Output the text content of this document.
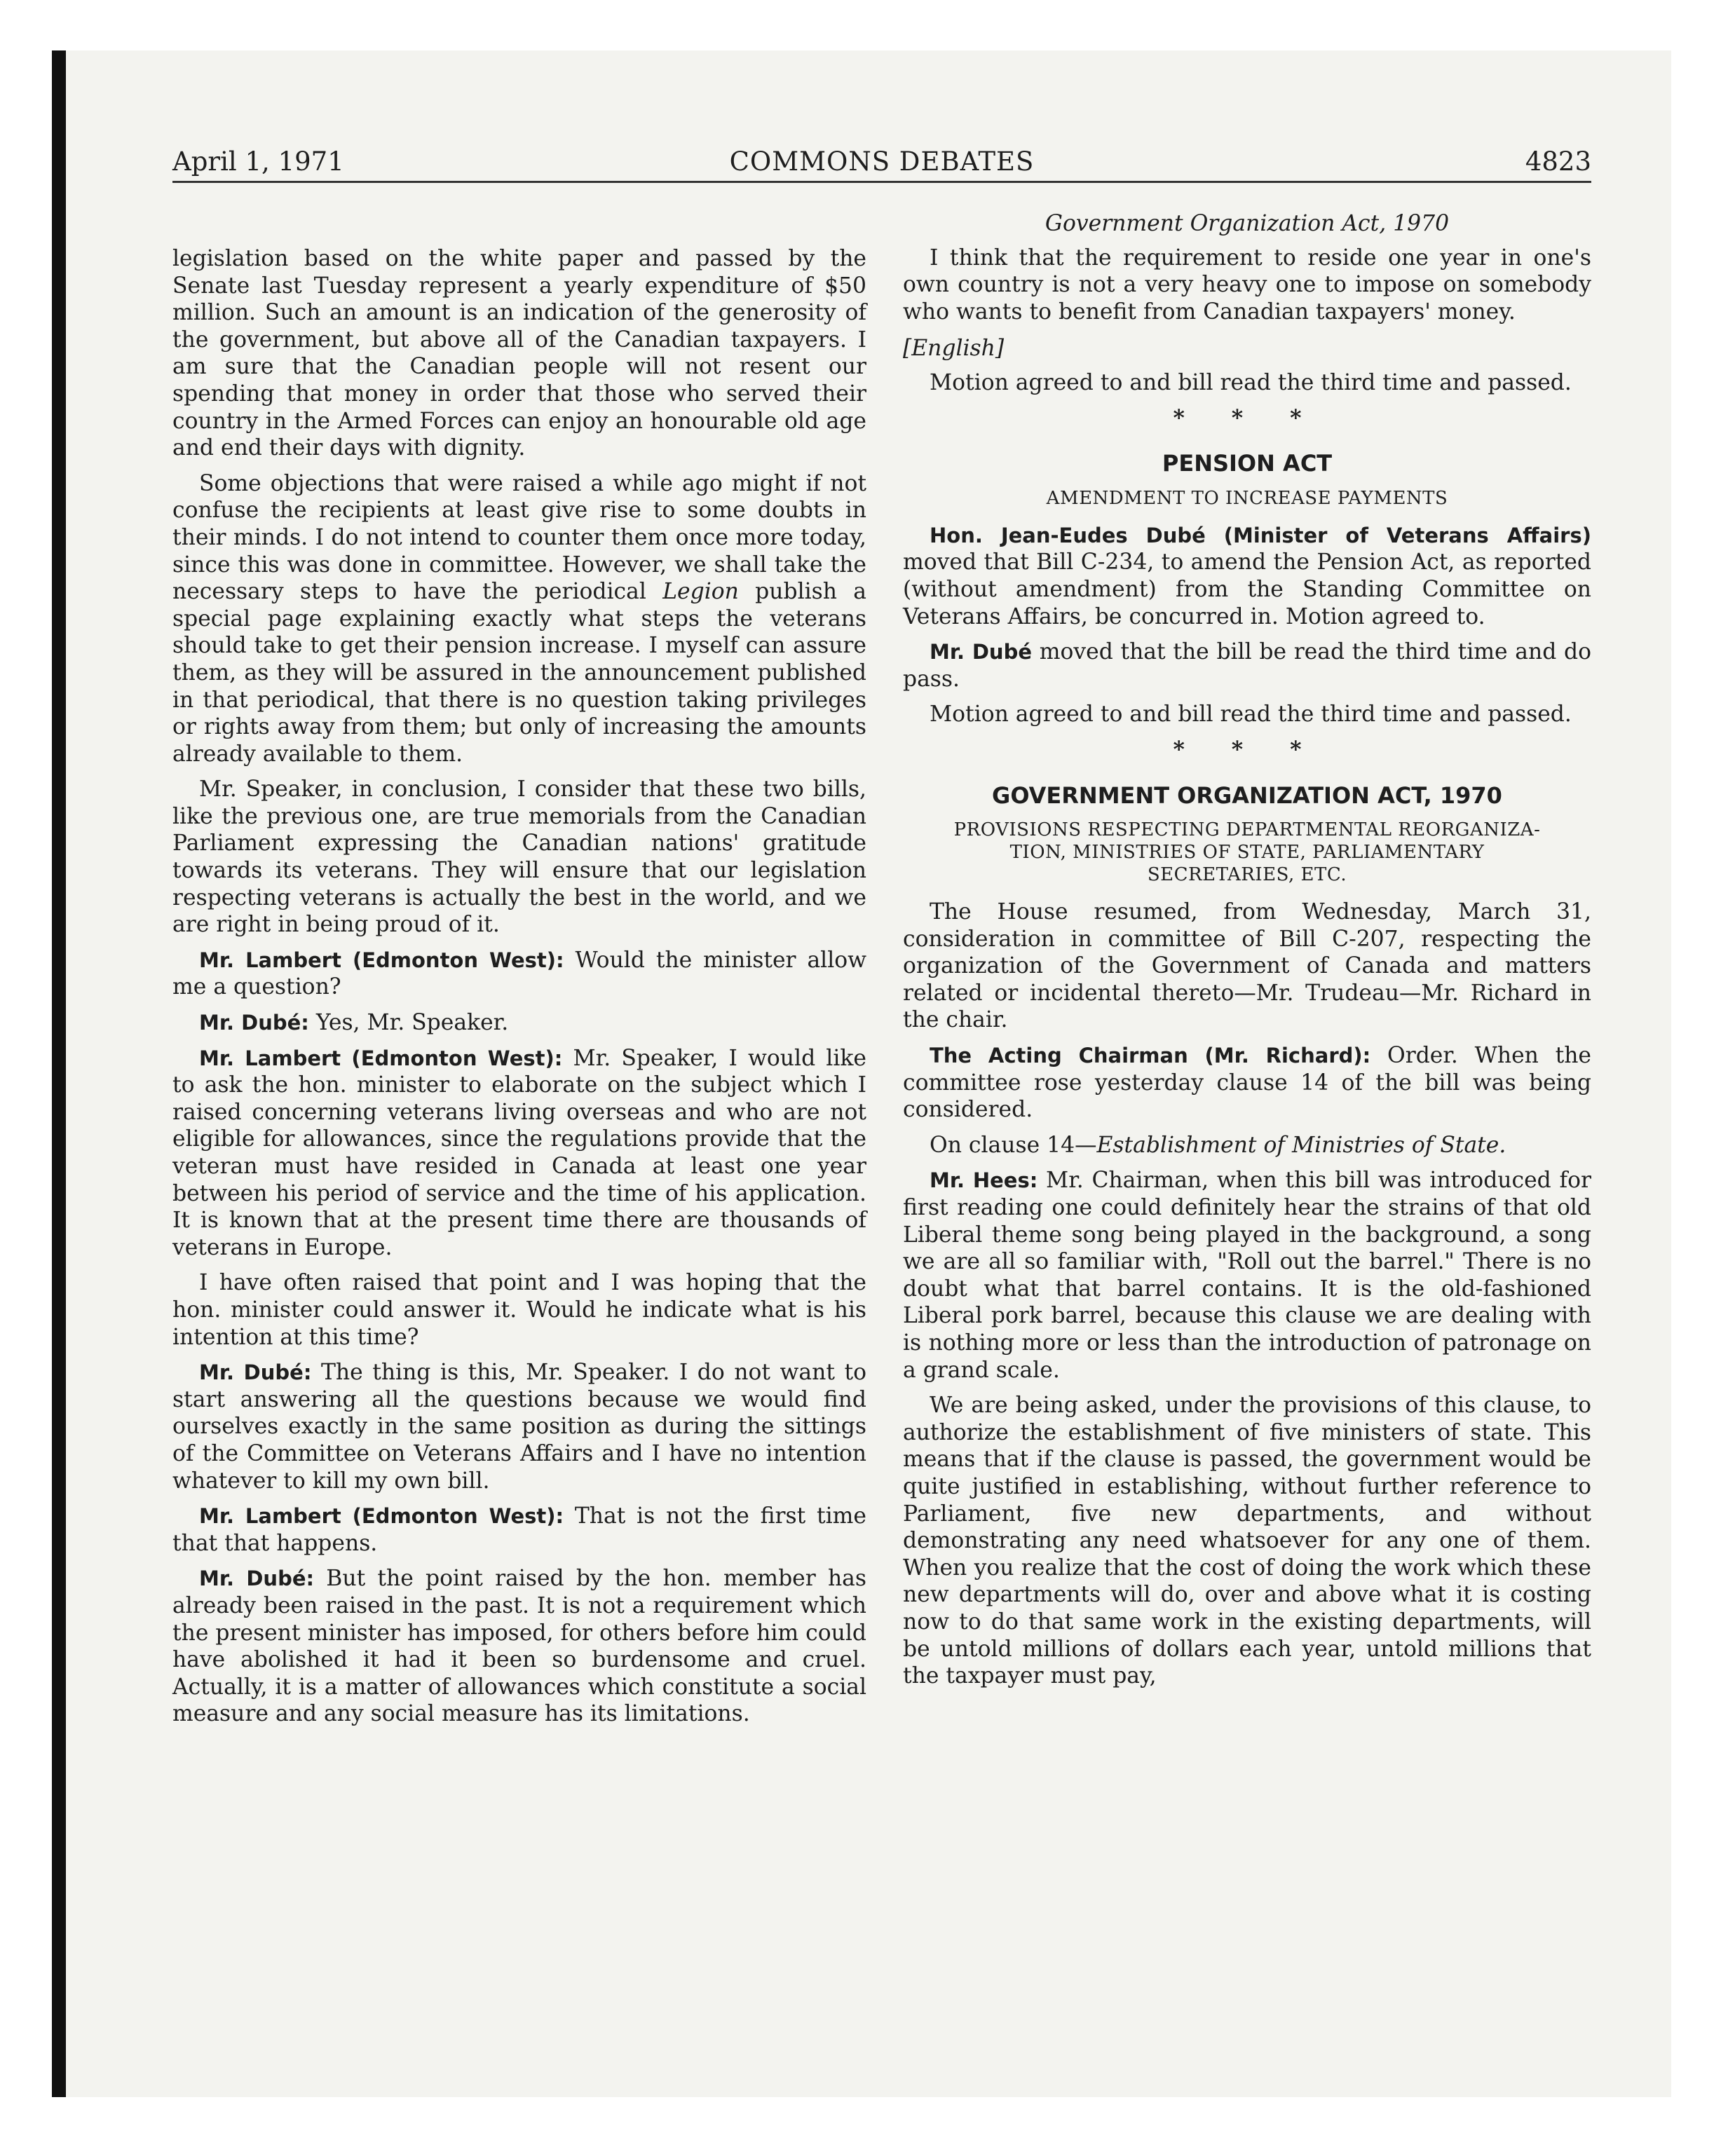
April 1, 1971	COMMONS DEBATES	4823

legislation based on the white paper and passed by the Senate last Tuesday represent a yearly expenditure of $50 million. Such an amount is an indication of the generosity of the government, but above all of the Canadian taxpayers. I am sure that the Canadian people will not resent our spending that money in order that those who served their country in the Armed Forces can enjoy an honourable old age and end their days with dignity.

Some objections that were raised a while ago might if not confuse the recipients at least give rise to some doubts in their minds. I do not intend to counter them once more today, since this was done in committee. However, we shall take the necessary steps to have the periodical Legion publish a special page explaining exactly what steps the veterans should take to get their pension increase. I myself can assure them, as they will be assured in the announcement published in that periodical, that there is no question taking privileges or rights away from them; but only of increasing the amounts already available to them.

Mr. Speaker, in conclusion, I consider that these two bills, like the previous one, are true memorials from the Canadian Parliament expressing the Canadian nations' gratitude towards its veterans. They will ensure that our legislation respecting veterans is actually the best in the world, and we are right in being proud of it.

Mr. Lambert (Edmonton West): Would the minister allow me a question?

Mr. Dubé: Yes, Mr. Speaker.

Mr. Lambert (Edmonton West): Mr. Speaker, I would like to ask the hon. minister to elaborate on the subject which I raised concerning veterans living overseas and who are not eligible for allowances, since the regulations provide that the veteran must have resided in Canada at least one year between his period of service and the time of his application. It is known that at the present time there are thousands of veterans in Europe.

I have often raised that point and I was hoping that the hon. minister could answer it. Would he indicate what is his intention at this time?

Mr. Dubé: The thing is this, Mr. Speaker. I do not want to start answering all the questions because we would find ourselves exactly in the same position as during the sittings of the Committee on Veterans Affairs and I have no intention whatever to kill my own bill.

Mr. Lambert (Edmonton West): That is not the first time that that happens.

Mr. Dubé: But the point raised by the hon. member has already been raised in the past. It is not a requirement which the present minister has imposed, for others before him could have abolished it had it been so burdensome and cruel. Actually, it is a matter of allowances which constitute a social measure and any social measure has its limitations.

Government Organization Act, 1970

I think that the requirement to reside one year in one's own country is not a very heavy one to impose on somebody who wants to benefit from Canadian taxpayers' money.

[English]

Motion agreed to and bill read the third time and passed.

* * *
PENSION ACT
AMENDMENT TO INCREASE PAYMENTS

Hon. Jean-Eudes Dubé (Minister of Veterans Affairs) moved that Bill C-234, to amend the Pension Act, as reported (without amendment) from the Standing Committee on Veterans Affairs, be concurred in. Motion agreed to.

Mr. Dubé moved that the bill be read the third time and do pass.

Motion agreed to and bill read the third time and passed.

* * *
GOVERNMENT ORGANIZATION ACT, 1970
PROVISIONS RESPECTING DEPARTMENTAL REORGANIZA-
TION, MINISTRIES OF STATE, PARLIAMENTARY
SECRETARIES, ETC.

The House resumed, from Wednesday, March 31, consideration in committee of Bill C-207, respecting the organization of the Government of Canada and matters related or incidental thereto—Mr. Trudeau—Mr. Richard in the chair.

The Acting Chairman (Mr. Richard): Order. When the committee rose yesterday clause 14 of the bill was being considered.

On clause 14—Establishment of Ministries of State.

Mr. Hees: Mr. Chairman, when this bill was introduced for first reading one could definitely hear the strains of that old Liberal theme song being played in the background, a song we are all so familiar with, "Roll out the barrel." There is no doubt what that barrel contains. It is the old-fashioned Liberal pork barrel, because this clause we are dealing with is nothing more or less than the introduction of patronage on a grand scale.

We are being asked, under the provisions of this clause, to authorize the establishment of five ministers of state. This means that if the clause is passed, the government would be quite justified in establishing, without further reference to Parliament, five new departments, and without demonstrating any need whatsoever for any one of them. When you realize that the cost of doing the work which these new departments will do, over and above what it is costing now to do that same work in the existing departments, will be untold millions of dollars each year, untold millions that the taxpayer must pay,
